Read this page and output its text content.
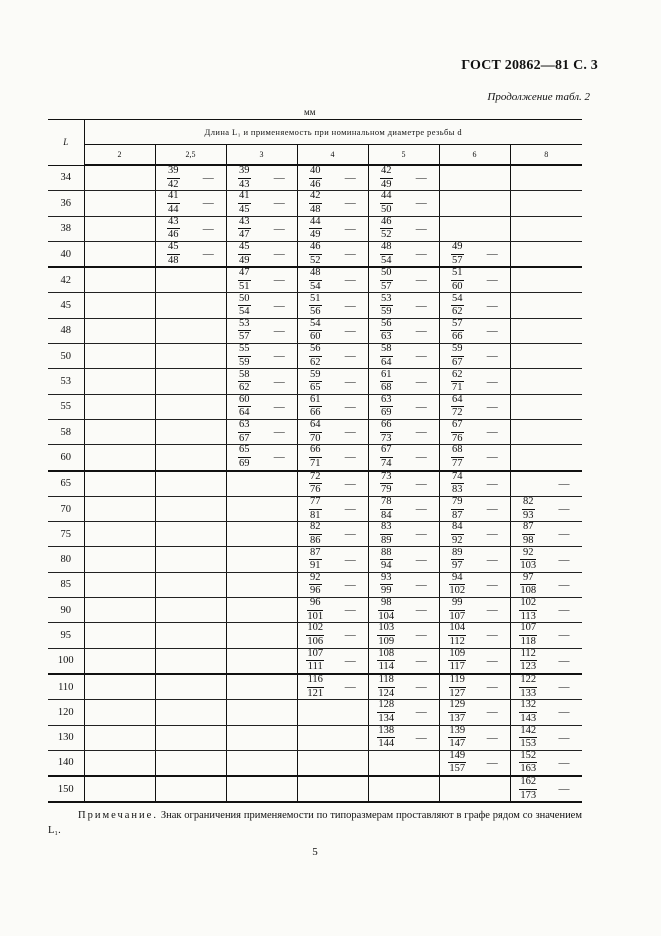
ГОСТ 20862—81 С. 3
Продолжение табл. 2
мм
L	Длина L₁ и применяемость при номинальном диаметре резьбы d													
	2		2,5		3		4		5		6		8	
34			$\frac{39}{42}$	—	$\frac{39}{43}$	—	$\frac{40}{46}$	—	$\frac{42}{49}$	—				
36			$\frac{41}{44}$	—	$\frac{41}{45}$	—	$\frac{42}{48}$	—	$\frac{44}{50}$	—				
38			$\frac{43}{46}$	—	$\frac{43}{47}$	—	$\frac{44}{49}$	—	$\frac{46}{52}$	—				
40			$\frac{45}{48}$	—	$\frac{45}{49}$	—	$\frac{46}{52}$	—	$\frac{48}{54}$	—	$\frac{49}{57}$	—		
42					$\frac{47}{51}$	—	$\frac{48}{54}$	—	$\frac{50}{57}$	—	$\frac{51}{60}$	—		
45					$\frac{50}{54}$	—	$\frac{51}{56}$	—	$\frac{53}{59}$	—	$\frac{54}{62}$	—		
48					$\frac{53}{57}$	—	$\frac{54}{60}$	—	$\frac{56}{63}$	—	$\frac{57}{66}$	—		
50					$\frac{55}{59}$	—	$\frac{56}{62}$	—	$\frac{58}{64}$	—	$\frac{59}{67}$	—		
53					$\frac{58}{62}$	—	$\frac{59}{65}$	—	$\frac{61}{68}$	—	$\frac{62}{71}$	—		
55					$\frac{60}{64}$	—	$\frac{61}{66}$	—	$\frac{63}{69}$	—	$\frac{64}{72}$	—		
58					$\frac{63}{67}$	—	$\frac{64}{70}$	—	$\frac{66}{73}$	—	$\frac{67}{76}$	—		
60					$\frac{65}{69}$	—	$\frac{66}{71}$	—	$\frac{67}{74}$	—	$\frac{68}{77}$	—		
65							$\frac{72}{76}$	—	$\frac{73}{79}$	—	$\frac{74}{83}$	—		—
70							$\frac{77}{81}$	—	$\frac{78}{84}$	—	$\frac{79}{87}$	—	$\frac{82}{93}$	—
75							$\frac{82}{86}$	—	$\frac{83}{89}$	—	$\frac{84}{92}$	—	$\frac{87}{98}$	—
80							$\frac{87}{91}$	—	$\frac{88}{94}$	—	$\frac{89}{97}$	—	$\frac{92}{103}$	—
85							$\frac{92}{96}$	—	$\frac{93}{99}$	—	$\frac{94}{102}$	—	$\frac{97}{108}$	—
90							$\frac{96}{101}$	—	$\frac{98}{104}$	—	$\frac{99}{107}$	—	$\frac{102}{113}$	—
95							$\frac{102}{106}$	—	$\frac{103}{109}$	—	$\frac{104}{112}$	—	$\frac{107}{118}$	—
100							$\frac{107}{111}$	—	$\frac{108}{114}$	—	$\frac{109}{117}$	—	$\frac{112}{123}$	—
110							$\frac{116}{121}$	—	$\frac{118}{124}$	—	$\frac{119}{127}$	—	$\frac{122}{133}$	—
120									$\frac{128}{134}$	—	$\frac{129}{137}$	—	$\frac{132}{143}$	—
130									$\frac{138}{144}$	—	$\frac{139}{147}$	—	$\frac{142}{153}$	—
140											$\frac{149}{157}$	—	$\frac{152}{163}$	—
150													$\frac{162}{173}$	—
Примечание. Знак ограничения применяемости по типоразмерам проставляют в графе рядом со значением L₁.
5
